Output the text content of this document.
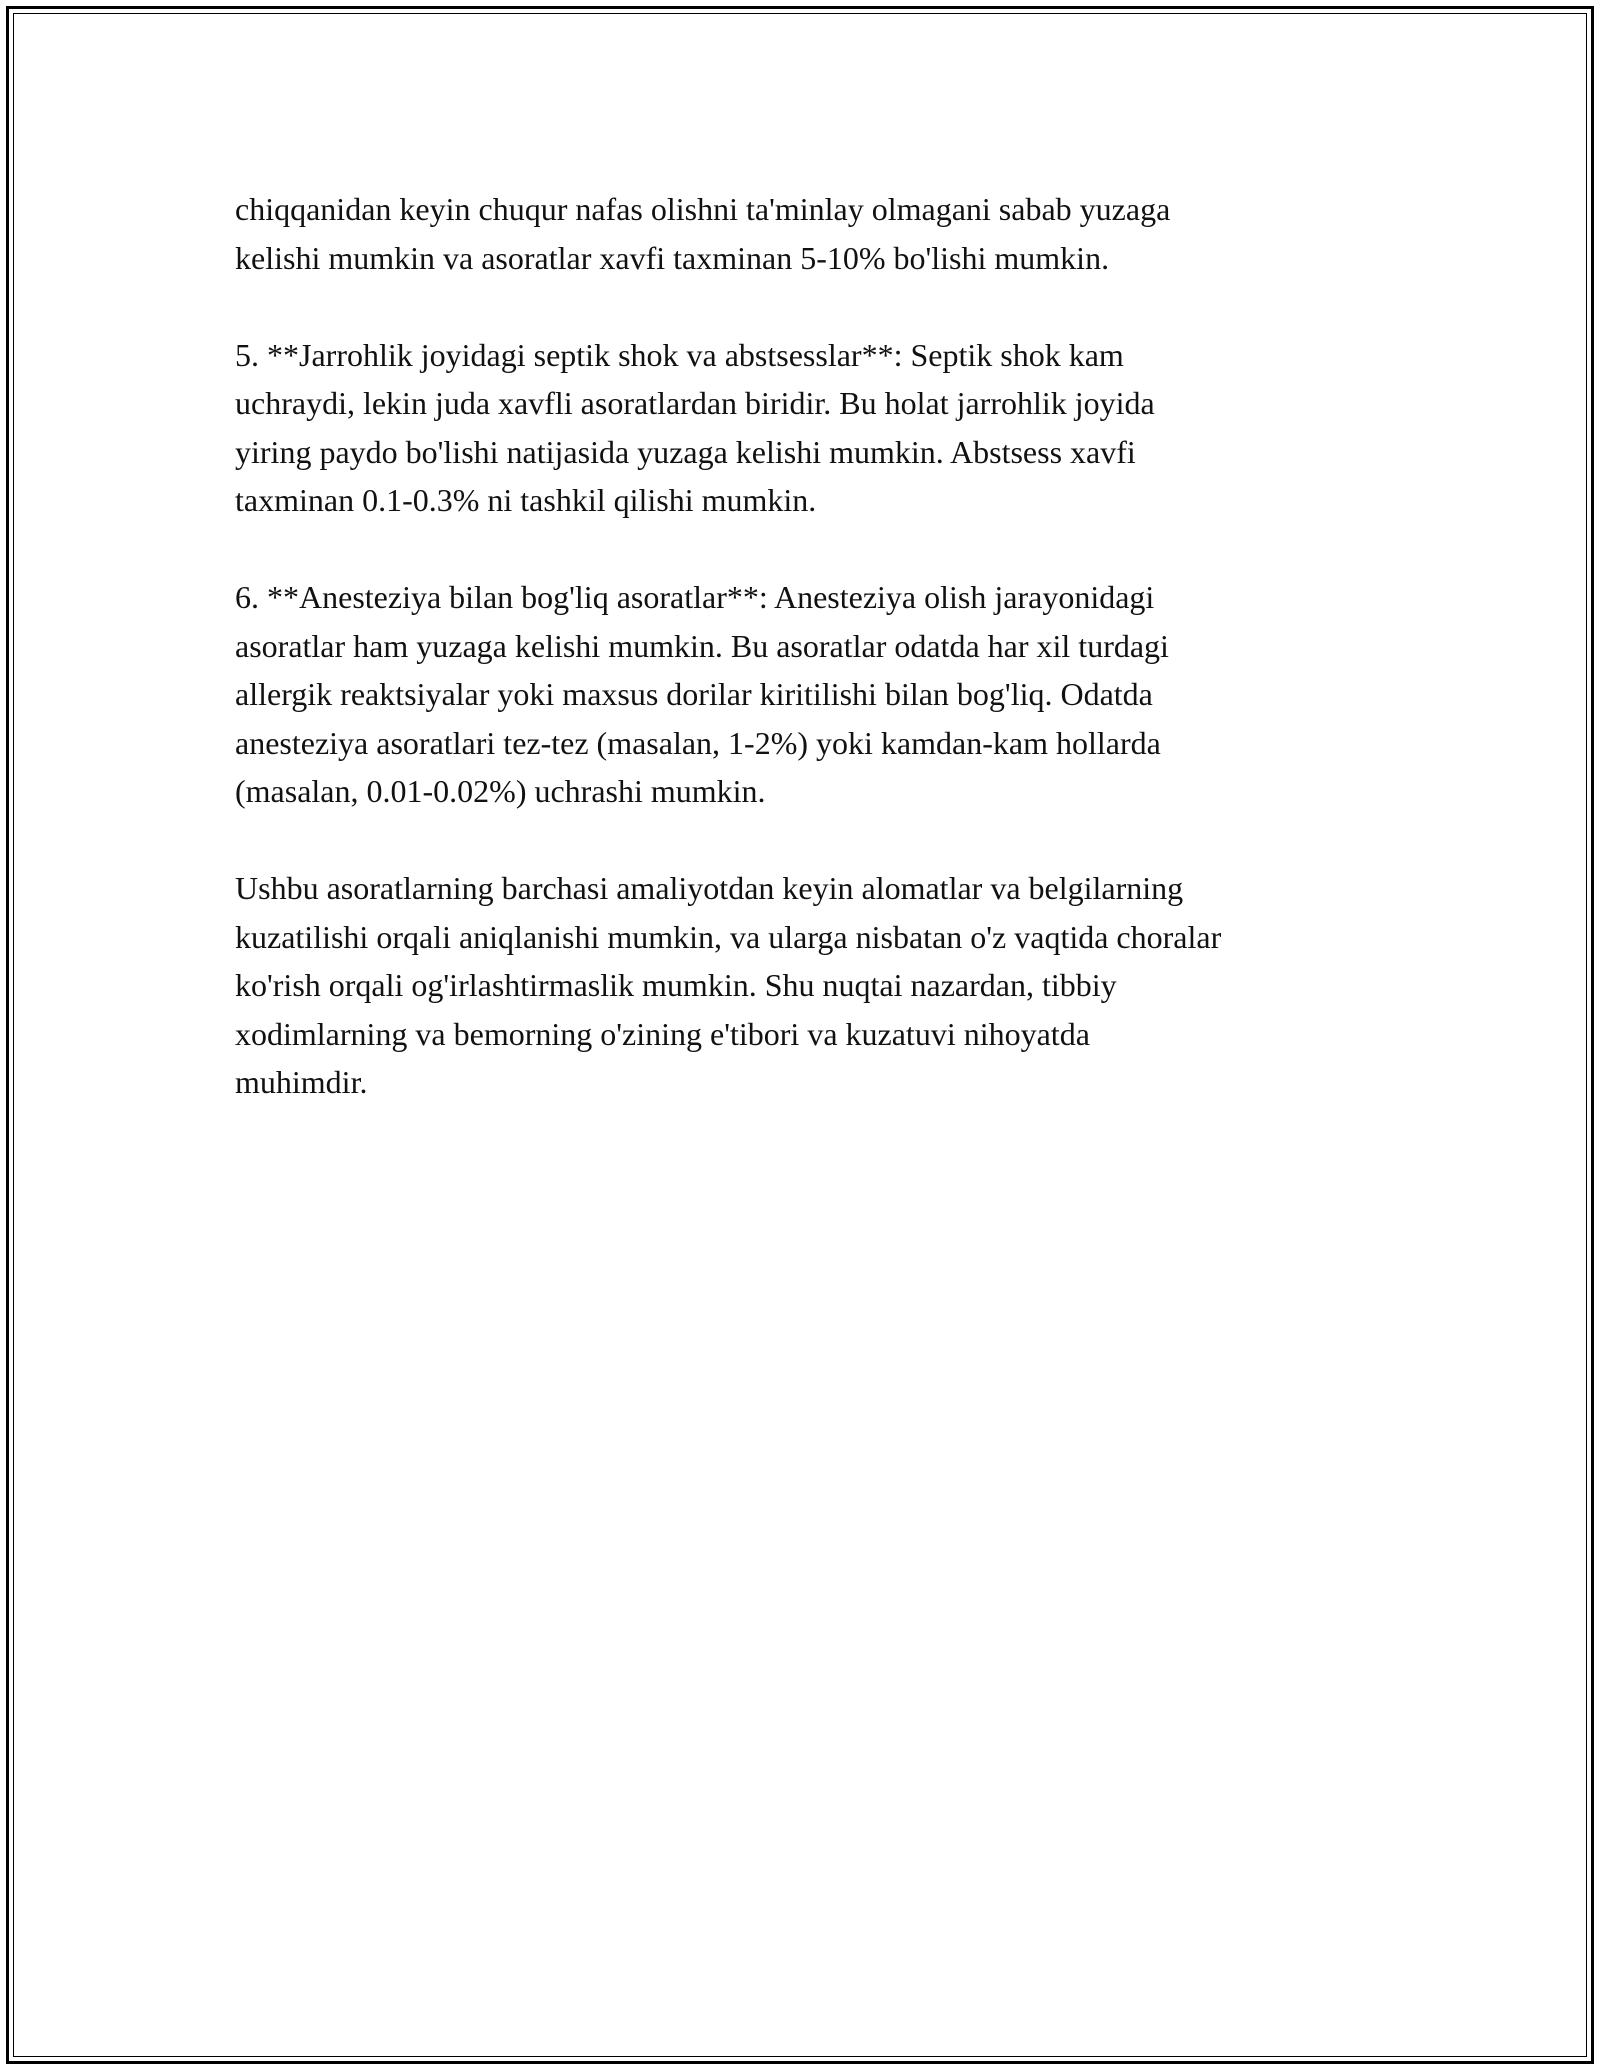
chiqqanidan keyin chuqur nafas olishni ta'minlay olmagani sabab yuzaga
kelishi mumkin va asoratlar xavfi taxminan 5-10% bo'lishi mumkin.

5. **Jarrohlik joyidagi septik shok va abstsesslar**: Septik shok kam
uchraydi, lekin juda xavfli asoratlardan biridir. Bu holat jarrohlik joyida
yiring paydo bo'lishi natijasida yuzaga kelishi mumkin. Abstsess xavfi
taxminan 0.1-0.3% ni tashkil qilishi mumkin.

6. **Anesteziya bilan bog'liq asoratlar**: Anesteziya olish jarayonidagi
asoratlar ham yuzaga kelishi mumkin. Bu asoratlar odatda har xil turdagi
allergik reaktsiyalar yoki maxsus dorilar kiritilishi bilan bog'liq. Odatda
anesteziya asoratlari tez-tez (masalan, 1-2%) yoki kamdan-kam hollarda
(masalan, 0.01-0.02%) uchrashi mumkin.

Ushbu asoratlarning barchasi amaliyotdan keyin alomatlar va belgilarning
kuzatilishi orqali aniqlanishi mumkin, va ularga nisbatan o'z vaqtida choralar
ko'rish orqali og'irlashtirmaslik mumkin. Shu nuqtai nazardan, tibbiy
xodimlarning va bemorning o'zining e'tibori va kuzatuvi nihoyatda
muhimdir.
